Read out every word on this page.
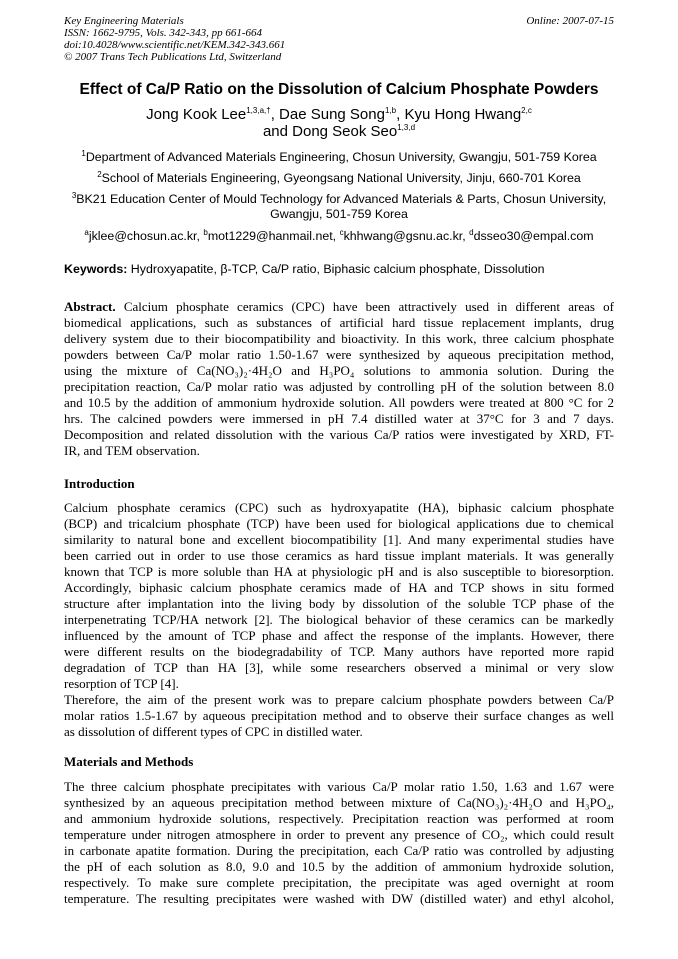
Key Engineering Materials
ISSN: 1662-9795, Vols. 342-343, pp 661-664
doi:10.4028/www.scientific.net/KEM.342-343.661
© 2007 Trans Tech Publications Ltd, Switzerland
Online: 2007-07-15
Effect of Ca/P Ratio on the Dissolution of Calcium Phosphate Powders
Jong Kook Lee$^{1,3,a,\dagger}$, Dae Sung Song$^{1,b}$, Kyu Hong Hwang$^{2,c}$
and Dong Seok Seo$^{1,3,d}$
$^1$Department of Advanced Materials Engineering, Chosun University, Gwangju, 501-759 Korea
$^2$School of Materials Engineering, Gyeongsang National University, Jinju, 660-701 Korea
$^3$BK21 Education Center of Mould Technology for Advanced Materials & Parts, Chosun University,
Gwangju, 501-759 Korea
$^a$jklee@chosun.ac.kr, $^b$mot1229@hanmail.net, $^c$khhwang@gsnu.ac.kr, $^d$dsseo30@empal.com
Keywords: Hydroxyapatite, β-TCP, Ca/P ratio, Biphasic calcium phosphate, Dissolution
Abstract. Calcium phosphate ceramics (CPC) have been attractively used in different areas of
biomedical applications, such as substances of artificial hard tissue replacement implants, drug
delivery system due to their biocompatibility and bioactivity. In this work, three calcium phosphate
powders between Ca/P molar ratio 1.50-1.67 were synthesized by aqueous precipitation method,
using the mixture of Ca(NO₃)₂·4H₂O and H₃PO₄ solutions to ammonia solution. During the
precipitation reaction, Ca/P molar ratio was adjusted by controlling pH of the solution between 8.0
and 10.5 by the addition of ammonium hydroxide solution. All powders were treated at 800 °C for 2
hrs. The calcined powders were immersed in pH 7.4 distilled water at 37°C for 3 and 7 days.
Decomposition and related dissolution with the various Ca/P ratios were investigated by XRD, FT-
IR, and TEM observation.
Introduction
Calcium phosphate ceramics (CPC) such as hydroxyapatite (HA), biphasic calcium phosphate
(BCP) and tricalcium phosphate (TCP) have been used for biological applications due to chemical
similarity to natural bone and excellent biocompatibility [1]. And many experimental studies have
been carried out in order to use those ceramics as hard tissue implant materials. It was generally
known that TCP is more soluble than HA at physiologic pH and is also susceptible to bioresorption.
Accordingly, biphasic calcium phosphate ceramics made of HA and TCP shows in situ formed
structure after implantation into the living body by dissolution of the soluble TCP phase of the
interpenetrating TCP/HA network [2]. The biological behavior of these ceramics can be markedly
influenced by the amount of TCP phase and affect the response of the implants. However, there
were different results on the biodegradability of TCP. Many authors have reported more rapid
degradation of TCP than HA [3], while some researchers observed a minimal or very slow
resorption of TCP [4].
Therefore, the aim of the present work was to prepare calcium phosphate powders between Ca/P
molar ratios 1.5-1.67 by aqueous precipitation method and to observe their surface changes as well
as dissolution of different types of CPC in distilled water.
Materials and Methods
The three calcium phosphate precipitates with various Ca/P molar ratio 1.50, 1.63 and 1.67 were
synthesized by an aqueous precipitation method between mixture of Ca(NO₃)₂·4H₂O and H₃PO₄,
and ammonium hydroxide solutions, respectively. Precipitation reaction was performed at room
temperature under nitrogen atmosphere in order to prevent any presence of CO₂, which could result
in carbonate apatite formation. During the precipitation, each Ca/P ratio was controlled by adjusting
the pH of each solution as 8.0, 9.0 and 10.5 by the addition of ammonium hydroxide solution,
respectively. To make sure complete precipitation, the precipitate was aged overnight at room
temperature. The resulting precipitates were washed with DW (distilled water) and ethyl alcohol,
